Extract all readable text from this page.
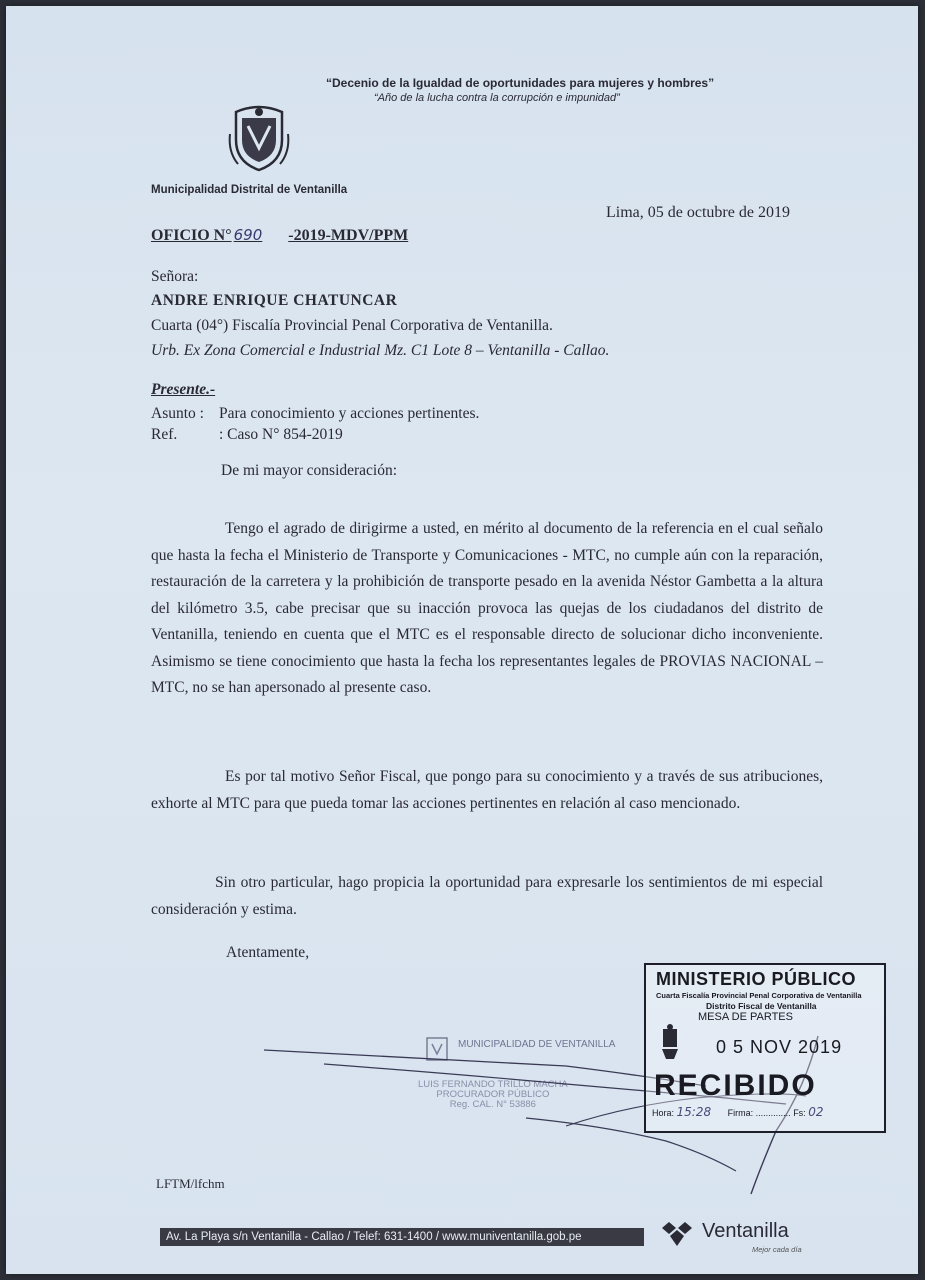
“Decenio de la Igualdad de oportunidades para mujeres y hombres”
“Año de la lucha contra la corrupción e impunidad”
Municipalidad Distrital de Ventanilla
Lima, 05 de octubre de 2019
OFICIO N° 690 -2019-MDV/PPM
Señora:
ANDRE ENRIQUE CHATUNCAR
Cuarta (04°) Fiscalía Provincial Penal Corporativa de Ventanilla.
Urb. Ex Zona Comercial e Industrial Mz. C1 Lote 8 – Ventanilla - Callao.
Presente.-
Asunto : Para conocimiento y acciones pertinentes.
Ref.	: Caso N° 854-2019
De mi mayor consideración:
Tengo el agrado de dirigirme a usted, en mérito al documento de la referencia en el cual señalo que hasta la fecha el Ministerio de Transporte y Comunicaciones - MTC, no cumple aún con la reparación, restauración de la carretera y la prohibición de transporte pesado en la avenida Néstor Gambetta a la altura del kilómetro 3.5, cabe precisar que su inacción provoca las quejas de los ciudadanos del distrito de Ventanilla, teniendo en cuenta que el MTC es el responsable directo de solucionar dicho inconveniente. Asimismo se tiene conocimiento que hasta la fecha los representantes legales de PROVIAS NACIONAL – MTC, no se han apersonado al presente caso.
Es por tal motivo Señor Fiscal, que pongo para su conocimiento y a través de sus atribuciones, exhorte al MTC para que pueda tomar las acciones pertinentes en relación al caso mencionado.
Sin otro particular, hago propicia la oportunidad para expresarle los sentimientos de mi especial consideración y estima.
Atentamente,
MUNICIPALIDAD DE VENTANILLA
LUIS FERNANDO TRILLO MACHA
PROCURADOR PÚBLICO
Reg. CAL. N° 53886
MINISTERIO PÚBLICO
Cuarta Fiscalía Provincial Penal Corporativa de Ventanilla
Distrito Fiscal de Ventanilla
MESA DE PARTES
0 5 NOV 2019
RECIBIDO
Hora: 15:28 Firma: .............. Fs: 02
LFTM/lfchm
Av. La Playa s/n Ventanilla - Callao / Telef: 631-1400 / www.muniventanilla.gob.pe	Ventanilla
Mejor cada día
